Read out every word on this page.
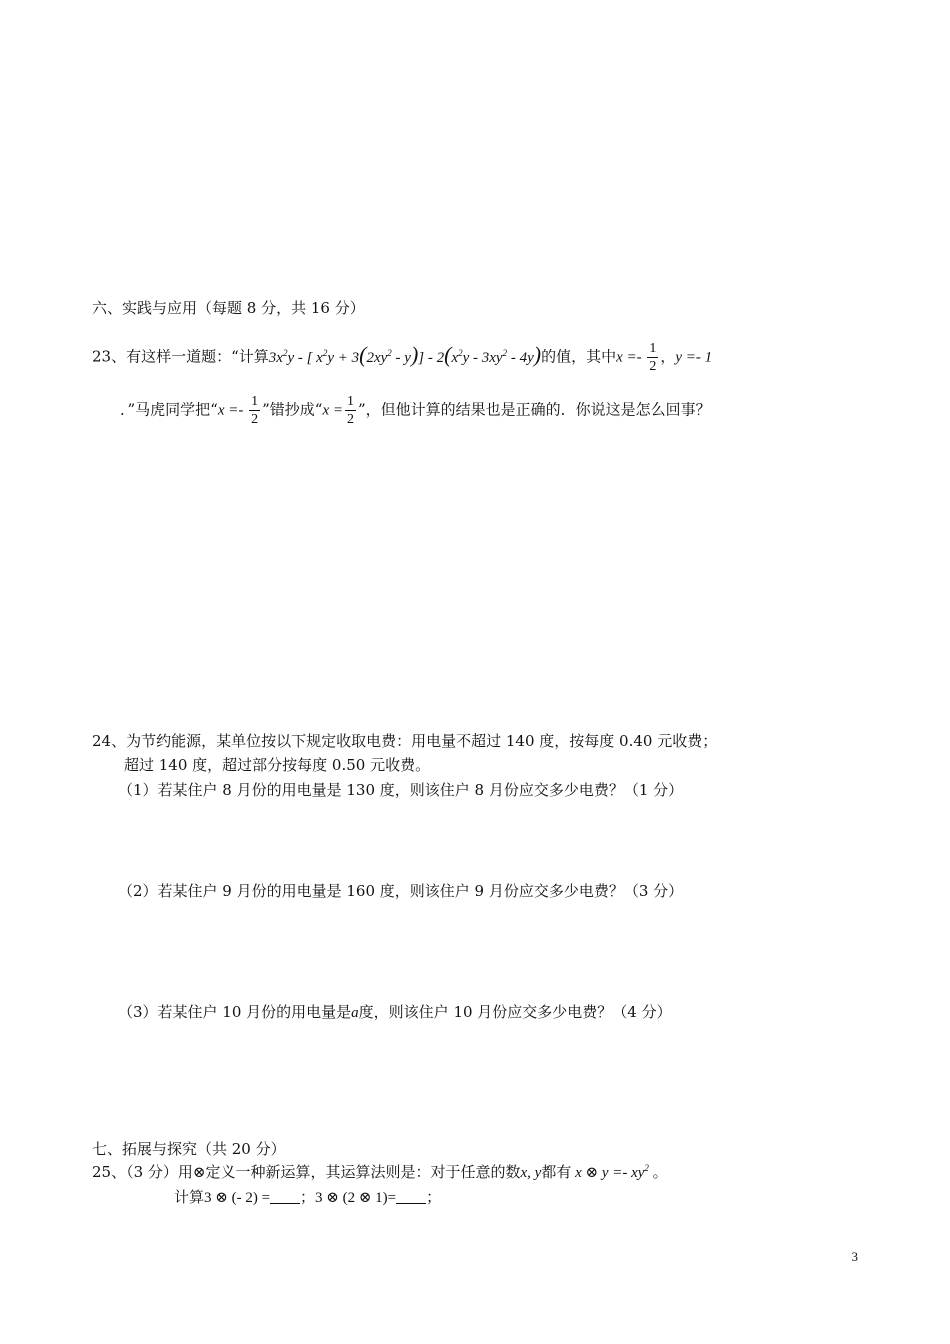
六、实践与应用（每题 8 分，共 16 分）
23、有这样一道题：“计算$3x^2y$ - [ $x^2y + 3(2xy^2 - y)] - 2(x^2y - 3xy^2 - 4y)$的值，其中$x =- \frac{1}{2}$ ，y =- 1
．”马虎同学把“$x =- \frac{1}{2}$ ”错抄成“$x = \frac{1}{2}$ ”，但他计算的结果也是正确的．你说这是怎么回事？
24、为节约能源，某单位按以下规定收取电费：用电量不超过 140 度，按每度 0.40 元收费；
超过 140 度，超过部分按每度 0.50 元收费。
（1）若某住户 8 月份的用电量是 130 度，则该住户 8 月份应交多少电费？（1 分）
（2）若某住户 9 月份的用电量是 160 度，则该住户 9 月份应交多少电费？（3 分）
（3）若某住户 10 月份的用电量是a度，则该住户 10 月份应交多少电费？（4 分）
七、拓展与探究（共 20 分）
25、（3 分）用⊗定义一种新运算，其运算法则是：对于任意的数x, y都有 x ⊗ $y =- xy^2$ 。
计算3 ⊗ (- 2) = ；3 ⊗ (2 ⊗ 1)= ；
3
